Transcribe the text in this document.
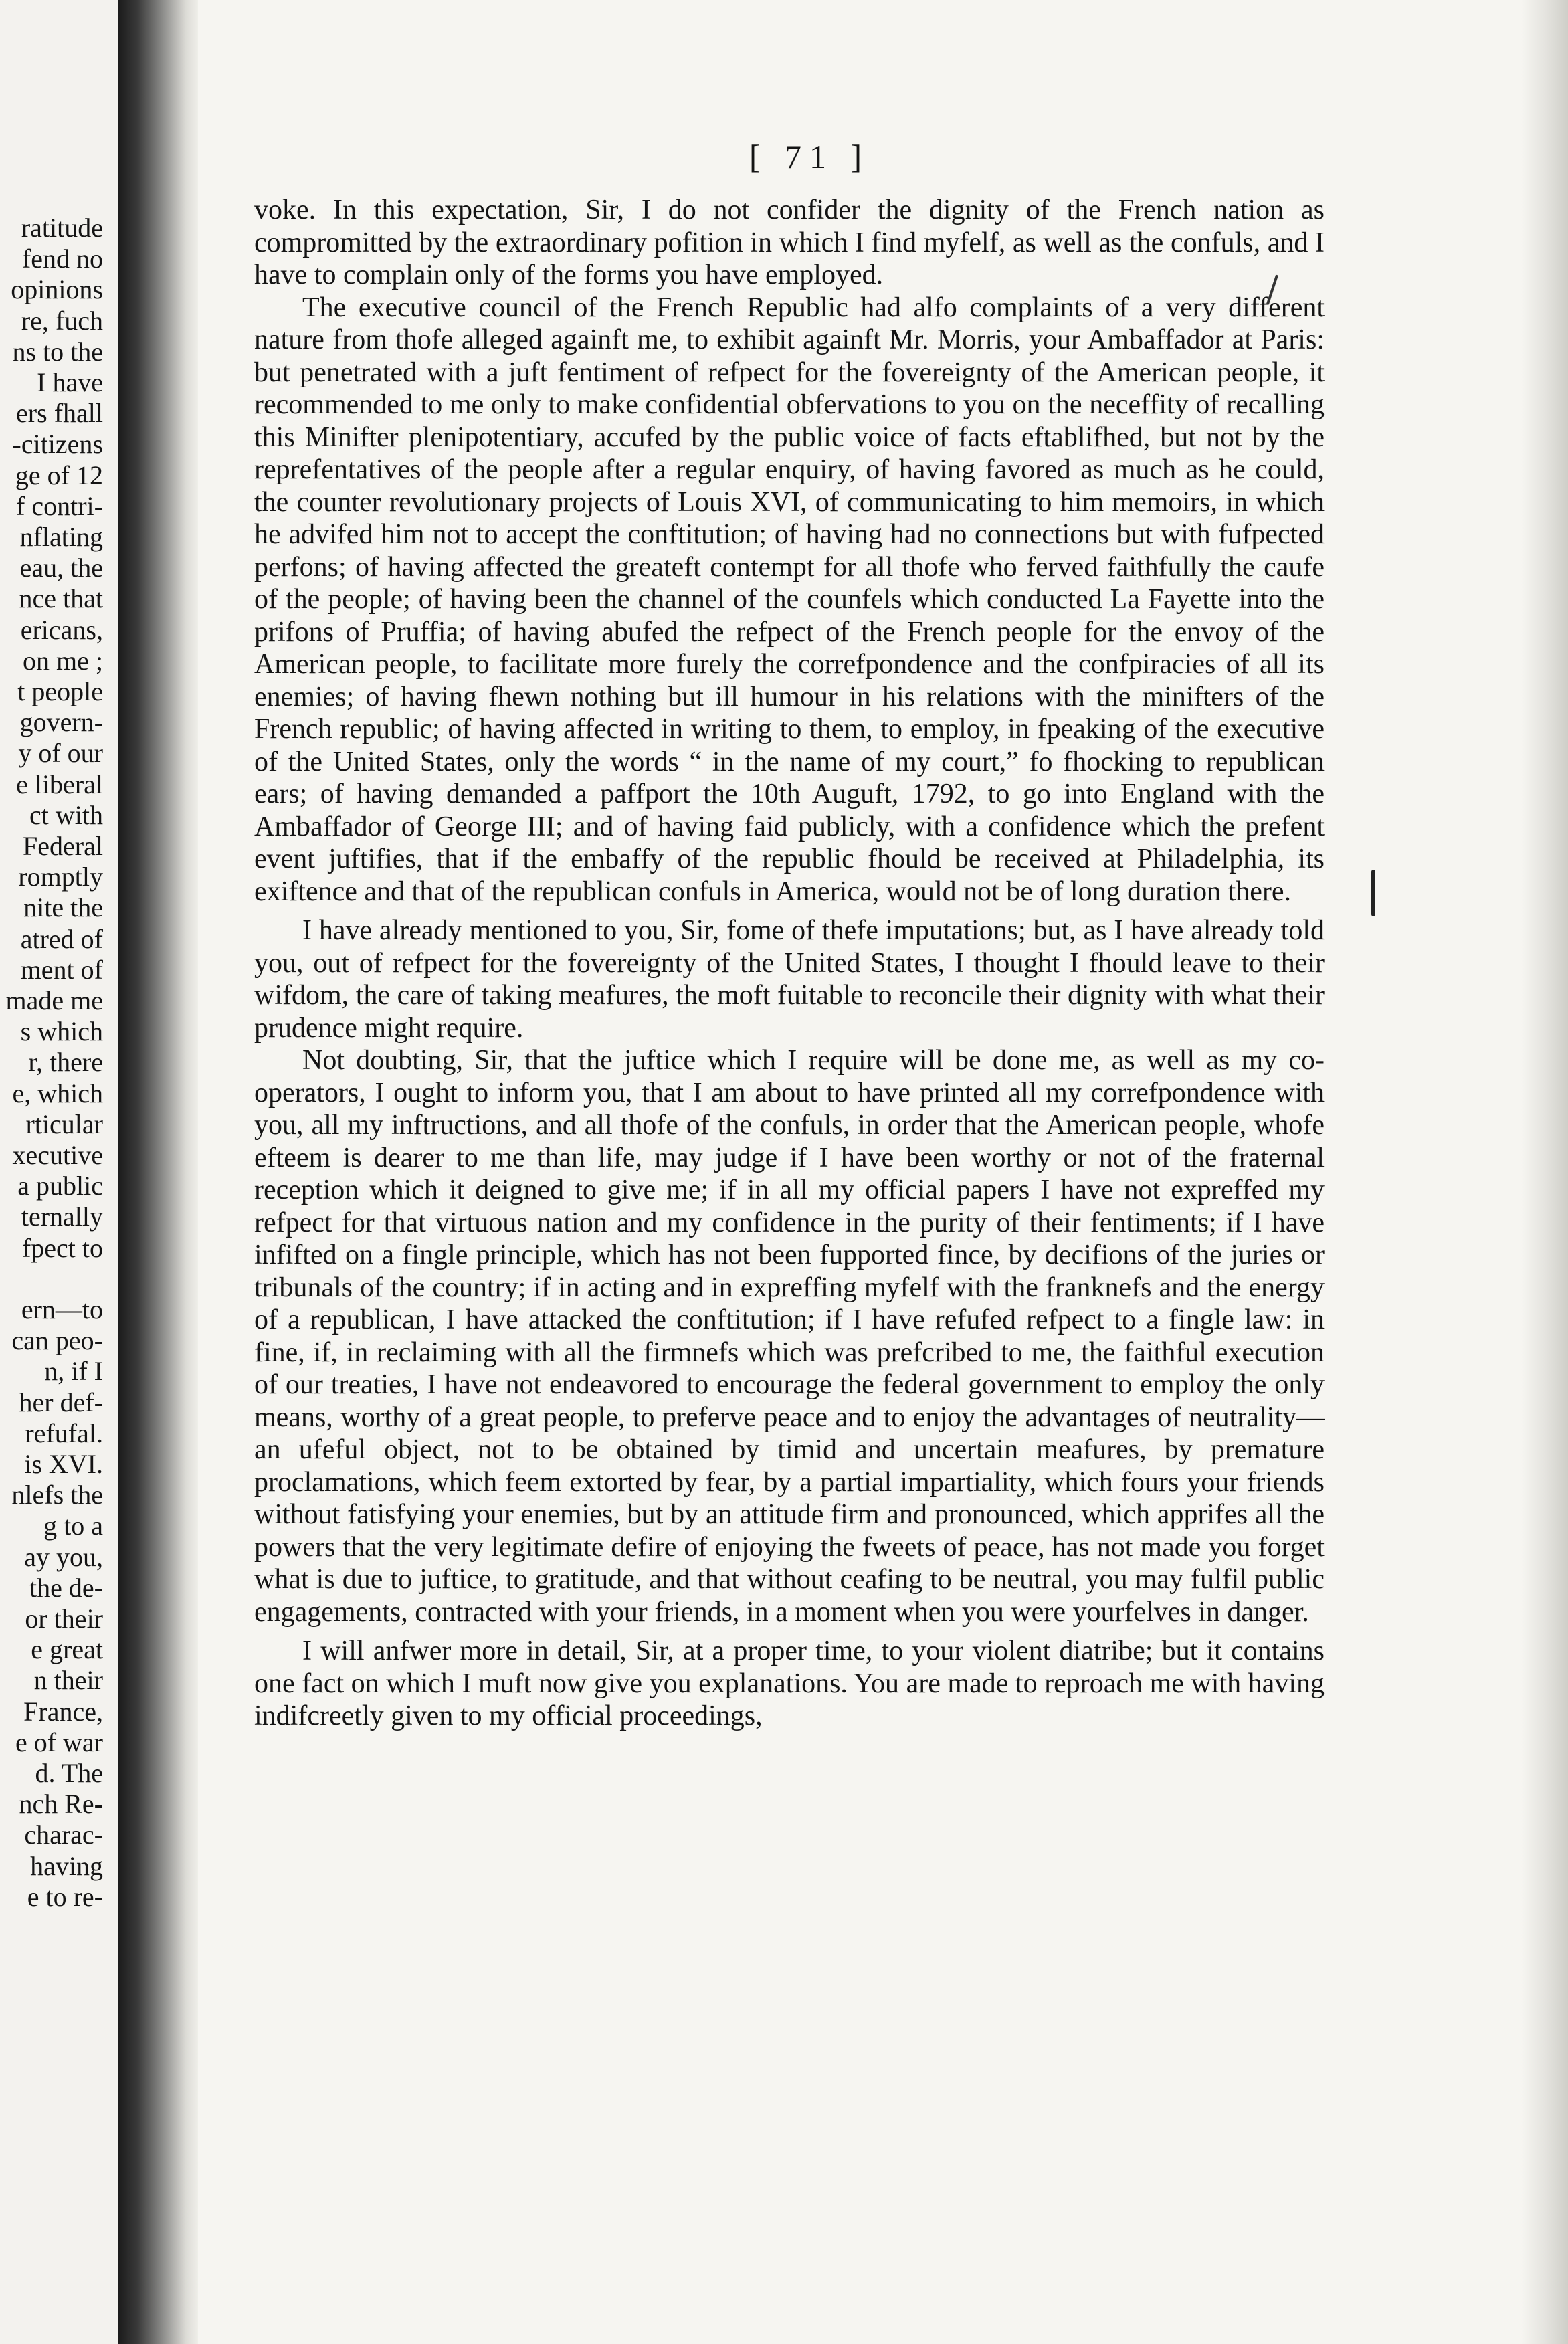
ratitude
fend no
opinions
re, fuch
ns to the
I have
ers fhall
-citizens
ge of 12
f contri-
nflating
eau, the
nce that
ericans,
on me ;
t people
govern-
y of our
e liberal
ct with
Federal
romptly
nite the
atred of
ment of
made me
s which
r, there
e, which
rticular
xecutive
a public
ternally
fpect to
ern—to
can peo-
n, if I
her def-
refufal.
is XVI.
nlefs the
g to a
ay you,
the de-
or their
e great
n their
France,
e of war
d. The
nch Re-
charac-
having
e to re-
[ 71 ]

voke. In this expectation, Sir, I do not confider the dignity of the French nation as compromitted by the extraordinary pofition in which I find myfelf, as well as the confuls, and I have to complain only of the forms you have employed.

The executive council of the French Republic had alfo complaints of a very different nature from thofe alleged againft me, to exhibit againft Mr. Morris, your Ambaffador at Paris: but penetrated with a juft fentiment of refpect for the fovereignty of the American people, it recommended to me only to make confidential obfervations to you on the neceffity of recalling this Minifter plenipotentiary, accufed by the public voice of facts eftablifhed, but not by the reprefentatives of the people after a regular enquiry, of having favored as much as he could, the counter revolutionary projects of Louis XVI, of communicating to him memoirs, in which he advifed him not to accept the conftitution; of having had no connections but with fufpected perfons; of having affected the greateft contempt for all thofe who ferved faithfully the caufe of the people; of having been the channel of the counfels which conducted La Fayette into the prifons of Pruffia; of having abufed the refpect of the French people for the envoy of the American people, to facilitate more furely the correfpondence and the confpiracies of all its enemies; of having fhewn nothing but ill humour in his relations with the minifters of the French republic; of having affected in writing to them, to employ, in fpeaking of the executive of the United States, only the words “ in the name of my court,” fo fhocking to republican ears; of having demanded a paffport the 10th Auguft, 1792, to go into England with the Ambaffador of George III; and of having faid publicly, with a confidence which the prefent event juftifies, that if the embaffy of the republic fhould be received at Philadelphia, its exiftence and that of the republican confuls in America, would not be of long duration there.

I have already mentioned to you, Sir, fome of thefe imputations; but, as I have already told you, out of refpect for the fovereignty of the United States, I thought I fhould leave to their wifdom, the care of taking meafures, the moft fuitable to reconcile their dignity with what their prudence might require.

Not doubting, Sir, that the juftice which I require will be done me, as well as my co-operators, I ought to inform you, that I am about to have printed all my correfpondence with you, all my inftructions, and all thofe of the confuls, in order that the American people, whofe efteem is dearer to me than life, may judge if I have been worthy or not of the fraternal reception which it deigned to give me; if in all my official papers I have not expreffed my refpect for that virtuous nation and my confidence in the purity of their fentiments; if I have infifted on a fingle principle, which has not been fupported fince, by decifions of the juries or tribunals of the country; if in acting and in expreffing myfelf with the franknefs and the energy of a republican, I have attacked the conftitution; if I have refufed refpect to a fingle law: in fine, if, in reclaiming with all the firmnefs which was prefcribed to me, the faithful execution of our treaties, I have not endeavored to encourage the federal government to employ the only means, worthy of a great people, to preferve peace and to enjoy the advantages of neutrality—an ufeful object, not to be obtained by timid and uncertain meafures, by premature proclamations, which feem extorted by fear, by a partial impartiality, which fours your friends without fatisfying your enemies, but by an attitude firm and pronounced, which apprifes all the powers that the very legitimate defire of enjoying the fweets of peace, has not made you forget what is due to juftice, to gratitude, and that without ceafing to be neutral, you may fulfil public engagements, contracted with your friends, in a moment when you were yourfelves in danger.

I will anfwer more in detail, Sir, at a proper time, to your violent diatribe; but it contains one fact on which I muft now give you explanations. You are made to reproach me with having indifcreetly given to my official proceedings,
